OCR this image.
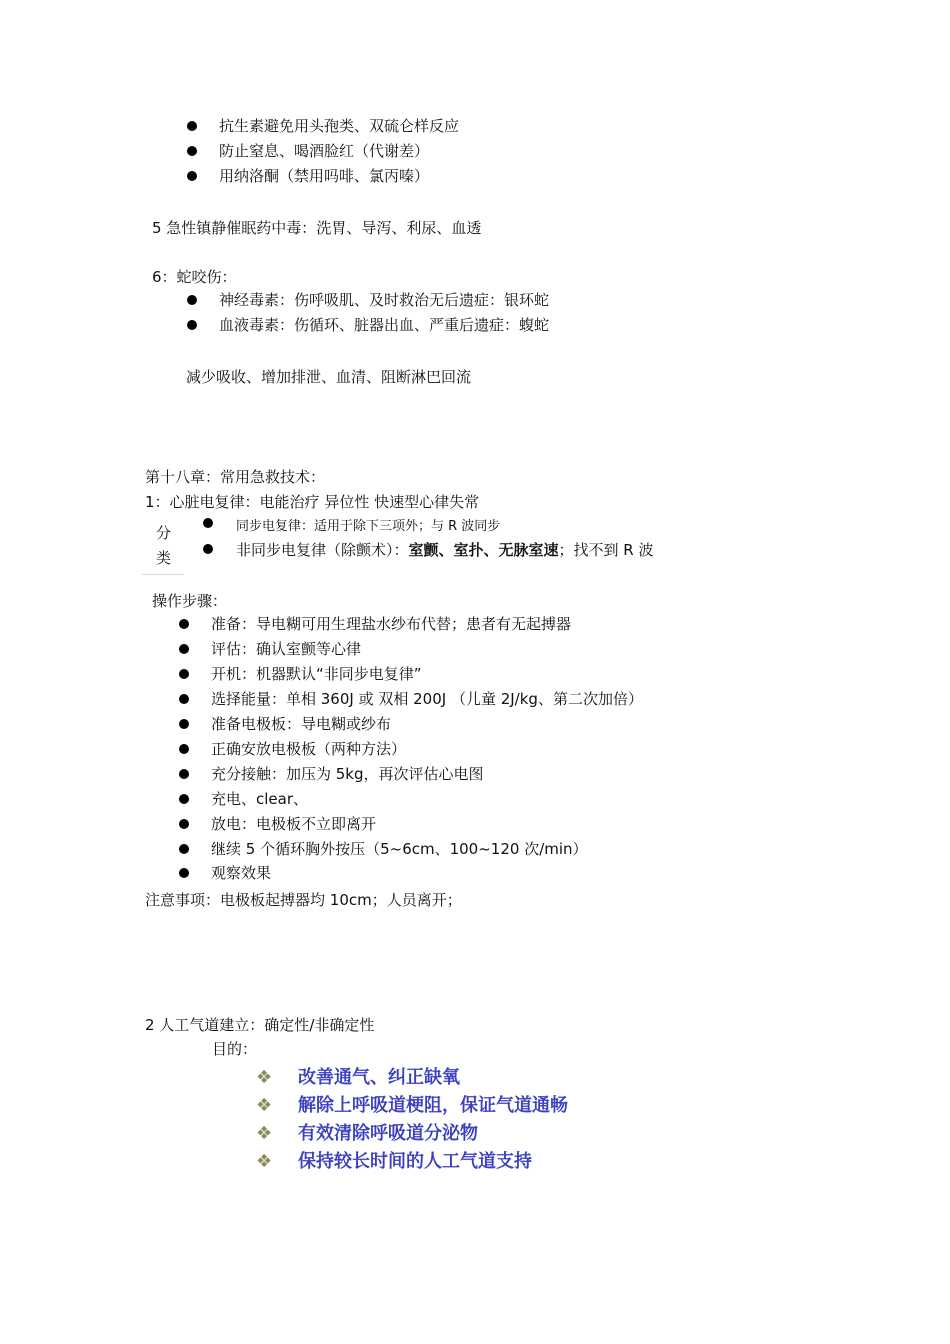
抗生素避免用头孢类、双硫仑样反应
防止窒息、喝酒脸红（代谢差）
用纳洛酮（禁用吗啡、氯丙嗪）
5 急性镇静催眠药中毒：洗胃、导泻、利尿、血透
6：蛇咬伤：
神经毒素：伤呼吸肌、及时救治无后遗症：银环蛇
血液毒素：伤循环、脏器出血、严重后遗症：蝮蛇
减少吸收、增加排泄、血清、阻断淋巴回流
第十八章：常用急救技术：
1：心脏电复律：电能治疗 异位性 快速型心律失常
分
类
同步电复律：适用于除下三项外；与 R 波同步
非同步电复律（除颤术）：室颤、室扑、无脉室速；找不到 R 波
操作步骤：
准备：导电糊可用生理盐水纱布代替；患者有无起搏器
评估：确认室颤等心律
开机：机器默认“非同步电复律”
选择能量：单相 360J 或 双相 200J （儿童 2J/kg、第二次加倍）
准备电极板：导电糊或纱布
正确安放电极板（两种方法）
充分接触：加压为 5kg，再次评估心电图
充电、clear、
放电：电极板不立即离开
继续 5 个循环胸外按压（5~6cm、100~120 次/min）
观察效果
注意事项：电极板起搏器均 10cm；人员离开；
2 人工气道建立：确定性/非确定性
目的：
❖ 改善通气、纠正缺氧
❖ 解除上呼吸道梗阻，保证气道通畅
❖ 有效清除呼吸道分泌物
❖ 保持较长时间的人工气道支持
